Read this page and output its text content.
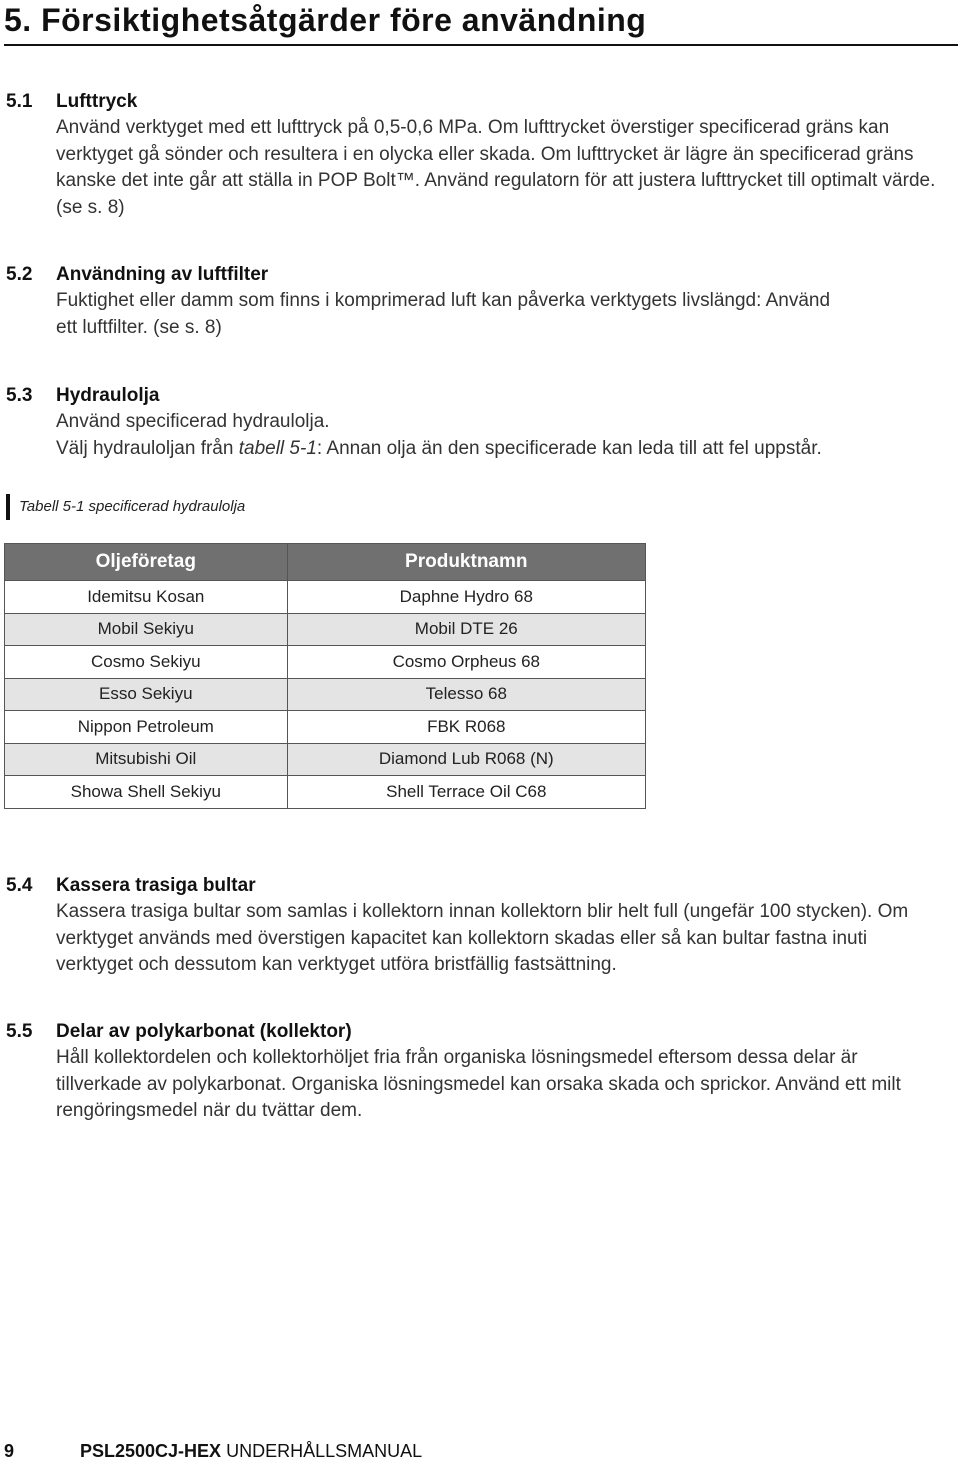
5. Försiktighetsåtgärder före användning
5.1	Lufttryck

Använd verktyget med ett lufttryck på 0,5-0,6 MPa. Om lufttrycket överstiger specificerad gräns kan verktyget gå sönder och resultera i en olycka eller skada. Om lufttrycket är lägre än specificerad gräns kanske det inte går att ställa in POP Bolt™. Använd regulatorn för att justera lufttrycket till optimalt värde. (se s. 8)

5.2	Användning av luftfilter

Fuktighet eller damm som finns i komprimerad luft kan påverka verktygets livslängd: Använd ett luftfilter. (se s. 8)

5.3	Hydraulolja

Använd specificerad hydraulolja.

Välj hydrauloljan från tabell 5-1: Annan olja än den specificerade kan leda till att fel uppstår.

Tabell 5-1 specificerad hydraulolja
Oljeföretag	Produktnamn
Idemitsu Kosan	Daphne Hydro 68
Mobil Sekiyu	Mobil DTE 26
Cosmo Sekiyu	Cosmo Orpheus 68
Esso Sekiyu	Telesso 68
Nippon Petroleum	FBK R068
Mitsubishi Oil	Diamond Lub R068 (N)
Showa Shell Sekiyu	Shell Terrace Oil C68
5.4	Kassera trasiga bultar

Kassera trasiga bultar som samlas i kollektorn innan kollektorn blir helt full (ungefär 100 stycken). Om verktyget används med överstigen kapacitet kan kollektorn skadas eller så kan bultar fastna inuti verktyget och dessutom kan verktyget utföra bristfällig fastsättning.

5.5	Delar av polykarbonat (kollektor)

Håll kollektordelen och kollektorhöljet fria från organiska lösningsmedel eftersom dessa delar är tillverkade av polykarbonat. Organiska lösningsmedel kan orsaka skada och sprickor. Använd ett milt rengöringsmedel när du tvättar dem.

9	PSL2500CJ-HEX UNDERHÅLLSMANUAL
